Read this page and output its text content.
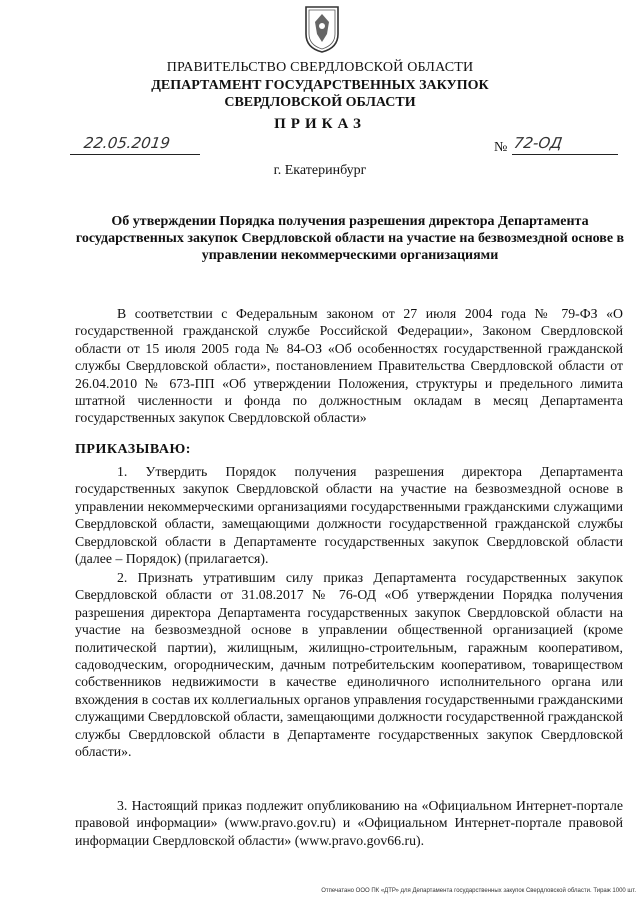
ПРАВИТЕЛЬСТВО СВЕРДЛОВСКОЙ ОБЛАСТИ
ДЕПАРТАМЕНТ ГОСУДАРСТВЕННЫХ ЗАКУПОК
СВЕРДЛОВСКОЙ ОБЛАСТИ
ПРИКАЗ
22.05.2019	№ 72-ОД
г. Екатеринбург
Об утверждении Порядка получения разрешения директора Департамента государственных закупок Свердловской области на участие на безвозмездной основе в управлении некоммерческими организациями
В соответствии с Федеральным законом от 27 июля 2004 года № 79-ФЗ «О государственной гражданской службе Российской Федерации», Законом Свердловской области от 15 июля 2005 года № 84-ОЗ «Об особенностях государственной гражданской службы Свердловской области», постановлением Правительства Свердловской области от 26.04.2010 № 673-ПП «Об утверждении Положения, структуры и предельного лимита штатной численности и фонда по должностным окладам в месяц Департамента государственных закупок Свердловской области»
ПРИКАЗЫВАЮ:
1. Утвердить Порядок получения разрешения директора Департамента государственных закупок Свердловской области на участие на безвозмездной основе в управлении некоммерческими организациями государственными гражданскими служащими Свердловской области, замещающими должности государственной гражданской службы Свердловской области в Департаменте государственных закупок Свердловской области (далее – Порядок) (прилагается).
2. Признать утратившим силу приказ Департамента государственных закупок Свердловской области от 31.08.2017 № 76-ОД «Об утверждении Порядка получения разрешения директора Департамента государственных закупок Свердловской области на участие на безвозмездной основе в управлении общественной организацией (кроме политической партии), жилищным, жилищно-строительным, гаражным кооперативом, садоводческим, огородническим, дачным потребительским кооперативом, товариществом собственников недвижимости в качестве единоличного исполнительного органа или вхождения в состав их коллегиальных органов управления государственными гражданскими служащими Свердловской области, замещающими должности государственной гражданской службы Свердловской области в Департаменте государственных закупок Свердловской области».
3. Настоящий приказ подлежит опубликованию на «Официальном Интернет-портале правовой информации» (www.pravo.gov.ru) и «Официальном Интернет-портале правовой информации Свердловской области» (www.pravo.gov66.ru).
Отпечатано ООО ПК «ДТР» для Департамента государственных закупок Свердловской области. Тираж 1000 шт.
